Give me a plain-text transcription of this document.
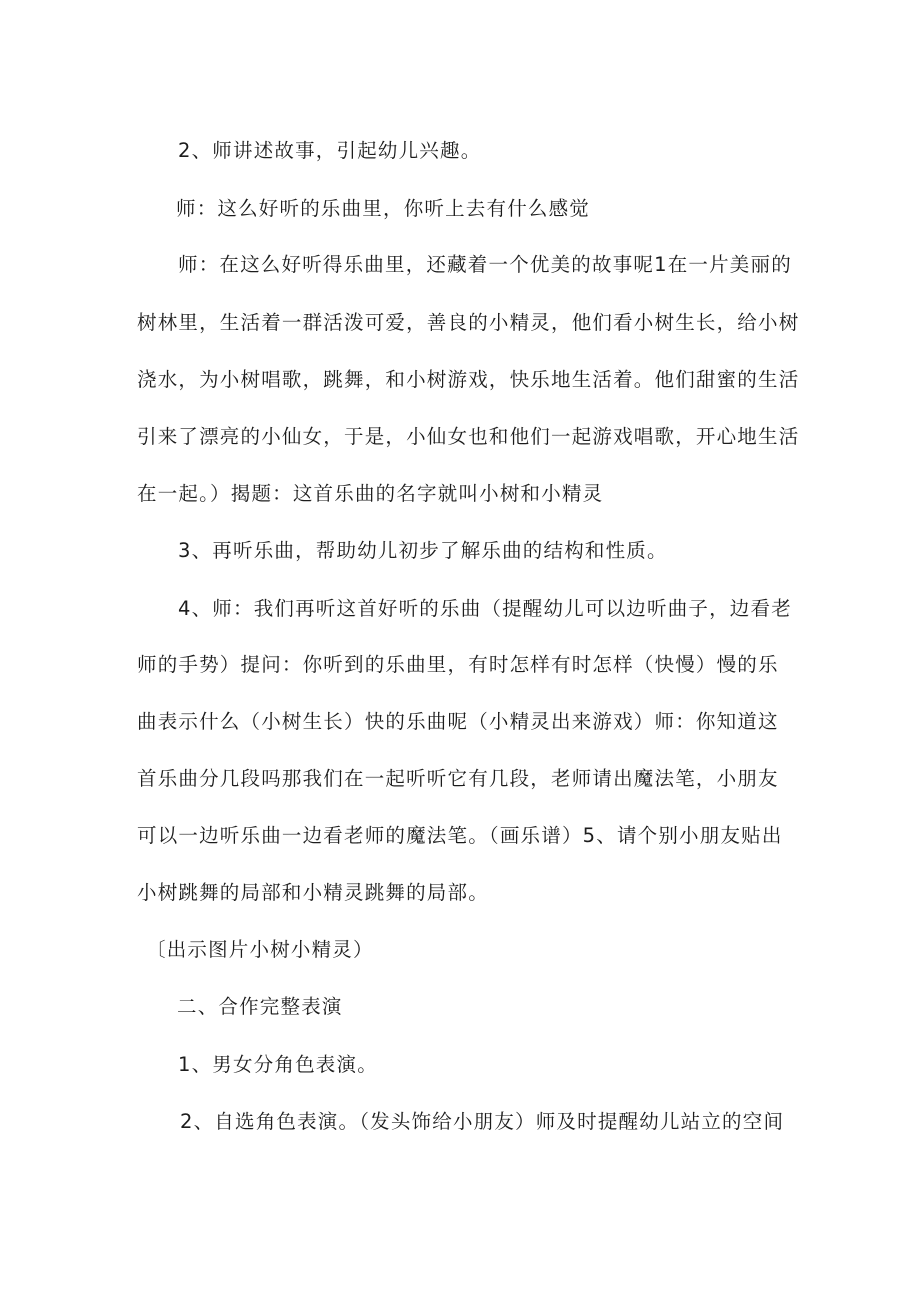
2、师讲述故事，引起幼儿兴趣。
师：这么好听的乐曲里，你听上去有什么感觉
师：在这么好听得乐曲里，还藏着一个优美的故事呢1在一片美丽的
树林里，生活着一群活泼可爱，善良的小精灵，他们看小树生长，给小树
浇水，为小树唱歌，跳舞，和小树游戏，快乐地生活着。他们甜蜜的生活
引来了漂亮的小仙女，于是，小仙女也和他们一起游戏唱歌，开心地生活
在一起。）揭题：这首乐曲的名字就叫小树和小精灵
3、再听乐曲，帮助幼儿初步了解乐曲的结构和性质。
4、师：我们再听这首好听的乐曲（提醒幼儿可以边听曲子，边看老
师的手势）提问：你听到的乐曲里，有时怎样有时怎样（快慢）慢的乐
曲表示什么（小树生长）快的乐曲呢（小精灵出来游戏）师：你知道这
首乐曲分几段吗那我们在一起听听它有几段，老师请出魔法笔，小朋友
可以一边听乐曲一边看老师的魔法笔。（画乐谱）5、请个别小朋友贴出
小树跳舞的局部和小精灵跳舞的局部。
〔出示图片小树小精灵）
二、合作完整表演
1、男女分角色表演。
2、自选角色表演。（发头饰给小朋友）师及时提醒幼儿站立的空间
